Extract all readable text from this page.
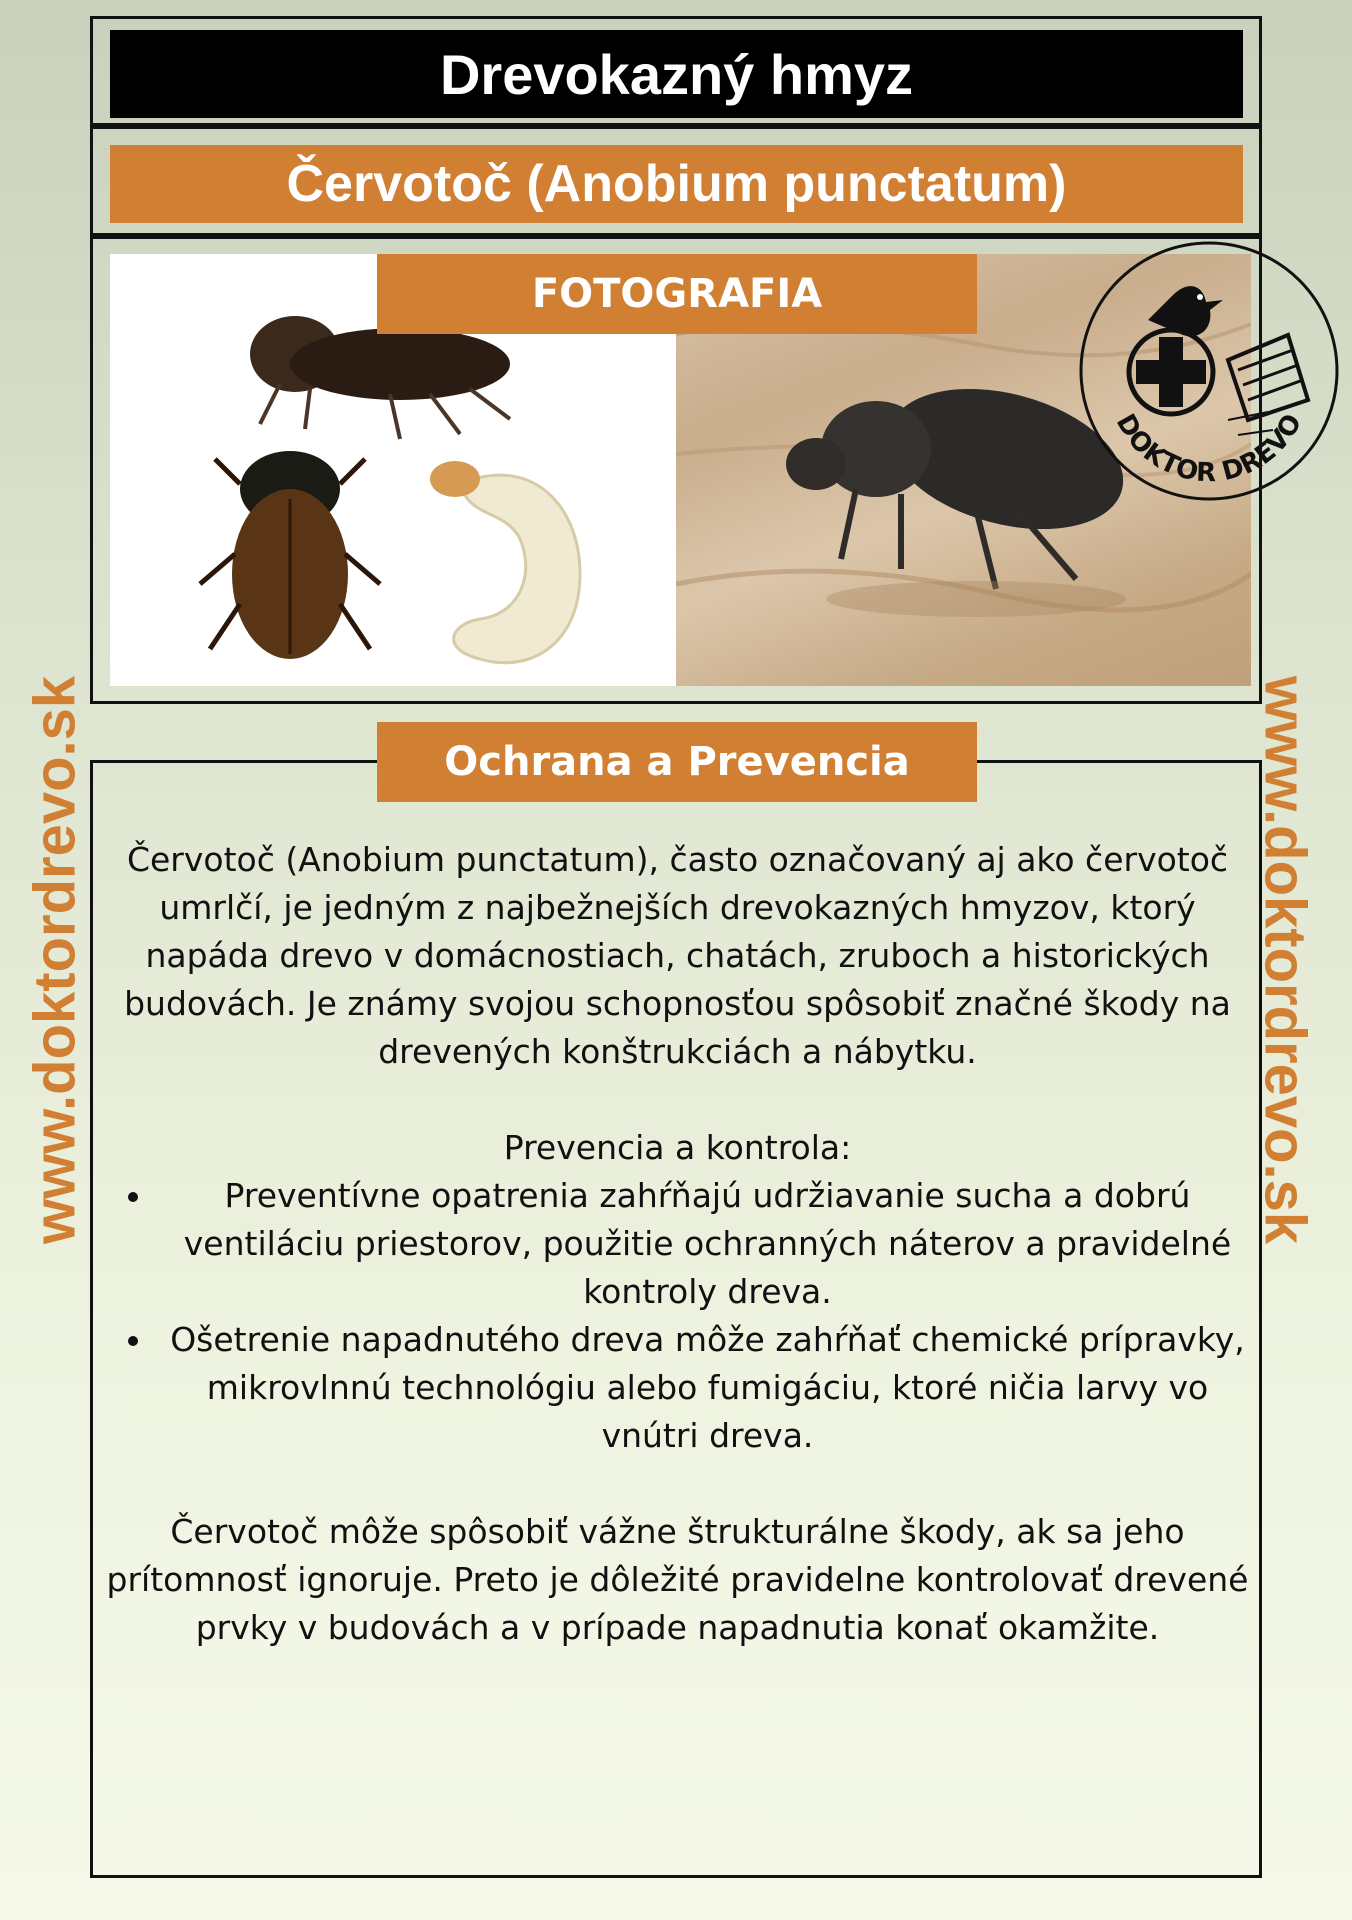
Drevokazný hmyz
Červotoč (Anobium punctatum)
FOTOGRAFIA
DOKTOR DREVO
www.doktordrevo.sk	www.doktordrevo.sk
Ochrana a Prevencia

Červotoč (Anobium punctatum), často označovaný aj ako červotoč umrlčí, je jedným z najbežnejších drevokazných hmyzov, ktorý napáda drevo v domácnostiach, chatách, zruboch a historických budovách. Je známy svojou schopnosťou spôsobiť značné škody na drevených konštrukciách a nábytku.

Prevencia a kontrola:

• Preventívne opatrenia zahŕňajú udržiavanie sucha a dobrú ventiláciu priestorov, použitie ochranných náterov a pravidelné kontroly dreva.
• Ošetrenie napadnutého dreva môže zahŕňať chemické prípravky, mikrovlnnú technológiu alebo fumigáciu, ktoré ničia larvy vo vnútri dreva.

Červotoč môže spôsobiť vážne štrukturálne škody, ak sa jeho prítomnosť ignoruje. Preto je dôležité pravidelne kontrolovať drevené prvky v budovách a v prípade napadnutia konať okamžite.
